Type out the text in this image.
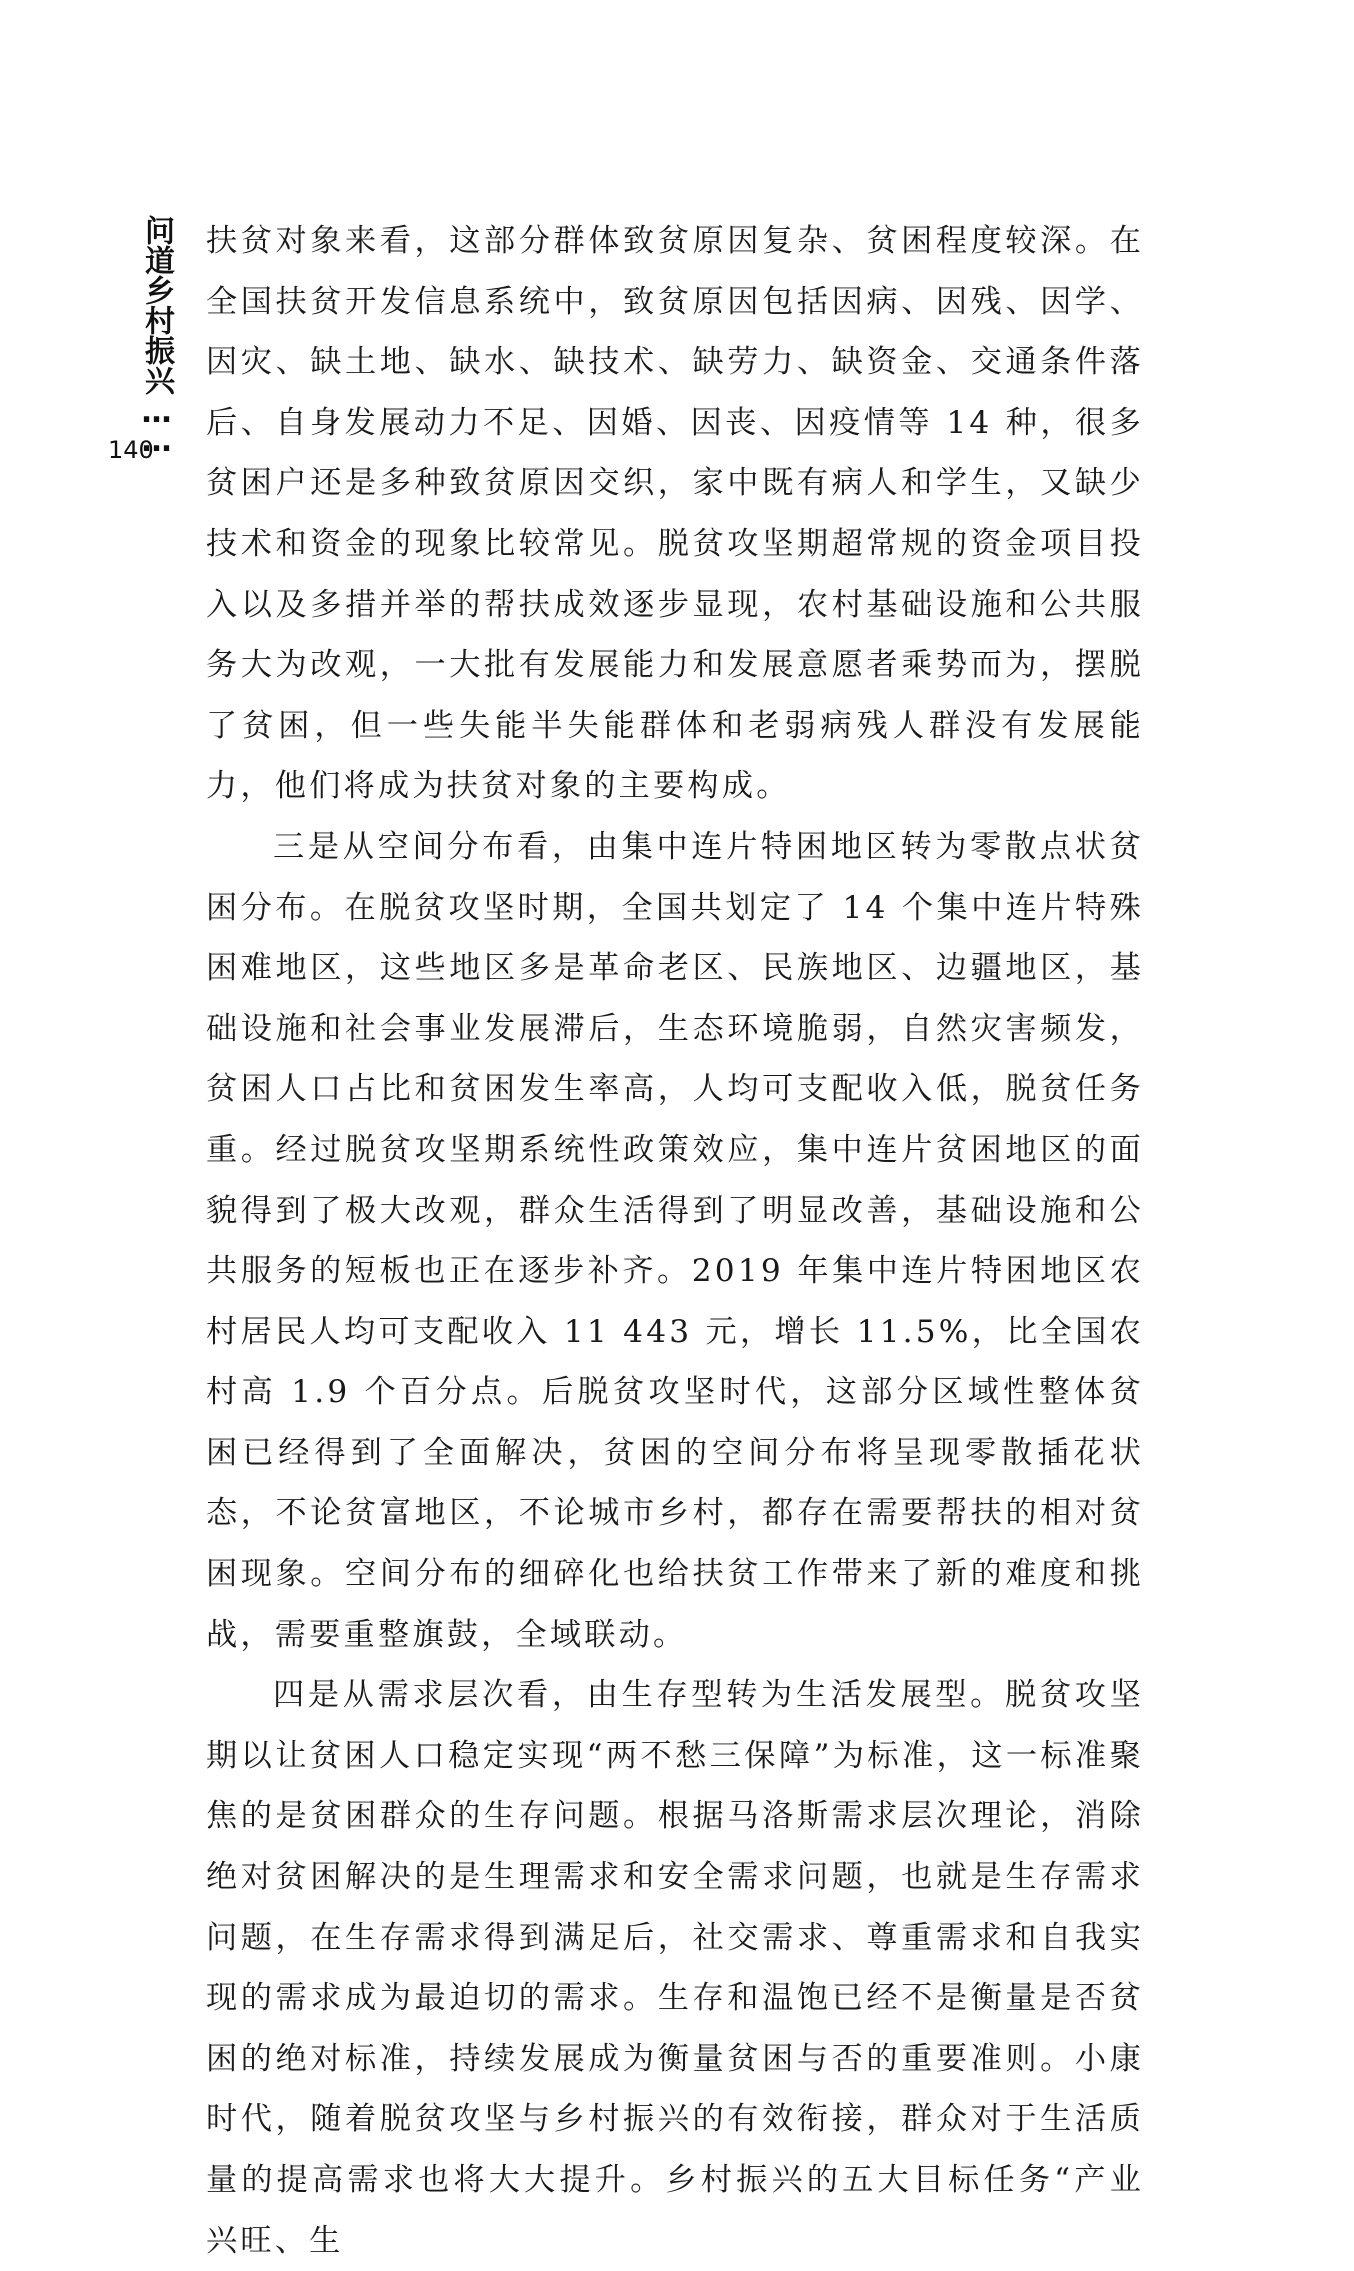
问道乡村振兴……
140

扶贫对象来看，这部分群体致贫原因复杂、贫困程度较深。在全国扶贫开发信息系统中，致贫原因包括因病、因残、因学、因灾、缺土地、缺水、缺技术、缺劳力、缺资金、交通条件落后、自身发展动力不足、因婚、因丧、因疫情等 14 种，很多贫困户还是多种致贫原因交织，家中既有病人和学生，又缺少技术和资金的现象比较常见。脱贫攻坚期超常规的资金项目投入以及多措并举的帮扶成效逐步显现，农村基础设施和公共服务大为改观，一大批有发展能力和发展意愿者乘势而为，摆脱了贫困，但一些失能半失能群体和老弱病残人群没有发展能力，他们将成为扶贫对象的主要构成。

三是从空间分布看，由集中连片特困地区转为零散点状贫困分布。在脱贫攻坚时期，全国共划定了 14 个集中连片特殊困难地区，这些地区多是革命老区、民族地区、边疆地区，基础设施和社会事业发展滞后，生态环境脆弱，自然灾害频发，贫困人口占比和贫困发生率高，人均可支配收入低，脱贫任务重。经过脱贫攻坚期系统性政策效应，集中连片贫困地区的面貌得到了极大改观，群众生活得到了明显改善，基础设施和公共服务的短板也正在逐步补齐。2019 年集中连片特困地区农村居民人均可支配收入 11 443 元，增长 11.5%，比全国农村高 1.9 个百分点。后脱贫攻坚时代，这部分区域性整体贫困已经得到了全面解决，贫困的空间分布将呈现零散插花状态，不论贫富地区，不论城市乡村，都存在需要帮扶的相对贫困现象。空间分布的细碎化也给扶贫工作带来了新的难度和挑战，需要重整旗鼓，全域联动。

四是从需求层次看，由生存型转为生活发展型。脱贫攻坚期以让贫困人口稳定实现“两不愁三保障”为标准，这一标准聚焦的是贫困群众的生存问题。根据马洛斯需求层次理论，消除绝对贫困解决的是生理需求和安全需求问题，也就是生存需求问题，在生存需求得到满足后，社交需求、尊重需求和自我实现的需求成为最迫切的需求。生存和温饱已经不是衡量是否贫困的绝对标准，持续发展成为衡量贫困与否的重要准则。小康时代，随着脱贫攻坚与乡村振兴的有效衔接，群众对于生活质量的提高需求也将大大提升。乡村振兴的五大目标任务“产业兴旺、生
